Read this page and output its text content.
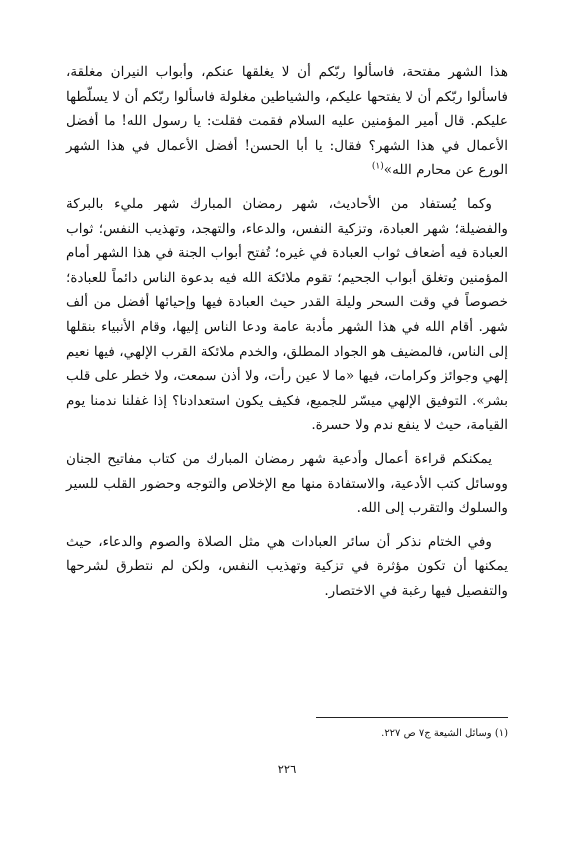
هذا الشهر مفتحة، فاسألوا ربّكم أن لا يغلقها عنكم، وأبواب النيران مغلقة، فاسألوا ربّكم أن لا يفتحها عليكم، والشياطين مغلولة فاسألوا ربّكم أن لا يسلّطها عليكم. قال أمير المؤمنين عليه السلام فقمت فقلت: يا رسول الله! ما أفضل الأعمال في هذا الشهر؟ فقال: يا أبا الحسن! أفضل الأعمال في هذا الشهر الورع عن محارم الله»$^{(١)}$

وكما يُستفاد من الأحاديث، شهر رمضان المبارك شهر مليء بالبركة والفضيلة؛ شهر العبادة، وتزكية النفس، والدعاء، والتهجد، وتهذيب النفس؛ ثواب العبادة فيه أضعاف ثواب العبادة في غيره؛ تُفتح أبواب الجنة في هذا الشهر أمام المؤمنين وتغلق أبواب الجحيم؛ تقوم ملائكة الله فيه بدعوة الناس دائماً للعبادة؛ خصوصاً في وقت السحر وليلة القدر حيث العبادة فيها وإحيائها أفضل من ألف شهر. أقام الله في هذا الشهر مأدبة عامة ودعا الناس إليها، وقام الأنبياء بنقلها إلى الناس، فالمضيف هو الجواد المطلق، والخدم ملائكة القرب الإلهي، فيها نعيم إلهي وجوائز وكرامات، فيها «ما لا عين رأت، ولا أذن سمعت، ولا خطر على قلب بشر». التوفيق الإلهي ميسّر للجميع، فكيف يكون استعدادنا؟ إذا غفلنا ندمنا يوم القيامة، حيث لا ينفع ندم ولا حسرة.

يمكنكم قراءة أعمال وأدعية شهر رمضان المبارك من كتاب مفاتيح الجنان ووسائل كتب الأدعية، والاستفادة منها مع الإخلاص والتوجه وحضور القلب للسير والسلوك والتقرب إلى الله.

وفي الختام نذكر أن سائر العبادات هي مثل الصلاة والصوم والدعاء، حيث يمكنها أن تكون مؤثرة في تزكية وتهذيب النفس، ولكن لم نتطرق لشرحها والتفصيل فيها رغبة في الاختصار.

(١) وسائل الشيعة ج٧ ص ٢٢٧.
٢٢٦
